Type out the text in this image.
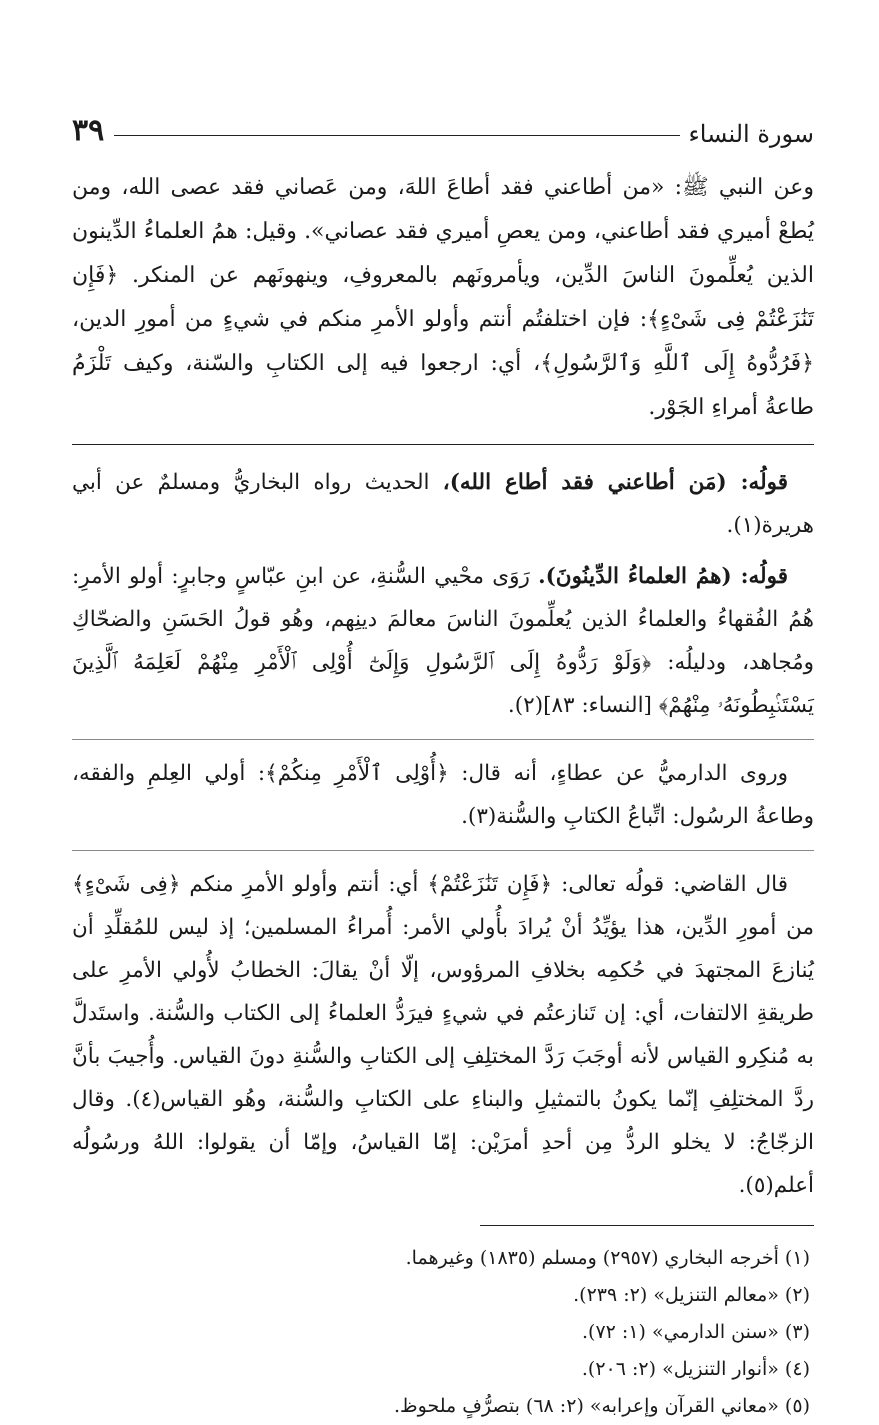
سورة النساء
٣٩

وعن النبي ﷺ: «من أطاعني فقد أطاعَ اللهَ، ومن عَصاني فقد عصى الله، ومن يُطعْ أميري فقد أطاعني، ومن يعصِ أميري فقد عصاني». وقيل: همُ العلماءُ الدِّينون الذين يُعلِّمونَ الناسَ الدِّين، ويأمرونَهم بالمعروفِ، وينهونَهم عن المنكر. ﴿فَإِن تَنَٰزَعْتُمْ فِى شَىْءٍ﴾: فإن اختلفتُم أنتم وأولو الأمرِ منكم في شيءٍ من أمورِ الدين، ﴿فَرُدُّوهُ إِلَى ٱللَّهِ وَٱلرَّسُولِ﴾، أي: ارجعوا فيه إلى الكتابِ والسّنة، وكيف تَلْزَمُ طاعةُ أمراءِ الجَوْر.

قولُه: (مَن أطاعني فقد أطاع الله)، الحديث رواه البخاريُّ ومسلمٌ عن أبي هريرة(١).

قولُه: (همُ العلماءُ الدِّينُونَ). رَوَى محْيي السُّنةِ، عن ابنِ عبّاسٍ وجابرٍ: أولو الأمرِ: هُمُ الفُقهاءُ والعلماءُ الذين يُعلِّمونَ الناسَ معالمَ دينِهم، وهُو قولُ الحَسَنِ والضحّاكِ ومُجاهد، ودليلُه: ﴿وَلَوْ رَدُّوهُ إِلَى ٱلرَّسُولِ وَإِلَىٰٓ أُوْلِى ٱلْأَمْرِ مِنْهُمْ لَعَلِمَهُ ٱلَّذِينَ يَسْتَنۢبِطُونَهُۥ مِنْهُمْ﴾ [النساء: ٨٣](٢).

وروى الدارميُّ عن عطاءٍ، أنه قال: ﴿أُوْلِى ٱلْأَمْرِ مِنكُمْ﴾: أولي العِلمِ والفقه، وطاعةُ الرسُول: اتِّباعُ الكتابِ والسُّنة(٣).

قال القاضي: قولُه تعالى: ﴿فَإِن تَنَٰزَعْتُمْ﴾ أي: أنتم وأولو الأمرِ منكم ﴿فِى شَىْءٍ﴾ من أمورِ الدِّين، هذا يؤيِّدُ أنْ يُرادَ بأُولي الأمر: أُمراءُ المسلمين؛ إذ ليس للمُقلِّدِ أن يُنازعَ المجتهدَ في حُكمِه بخلافِ المرؤوس، إلّا أنْ يقالَ: الخطابُ لأُولي الأمرِ على طريقةِ الالتفات، أي: إن تَنازعتُم في شيءٍ فيرَدُّ العلماءُ إلى الكتاب والسُّنة. واستَدلَّ به مُنكِرو القياس لأنه أوجَبَ رَدَّ المختلِفِ إلى الكتابِ والسُّنةِ دونَ القياس. وأُجيبَ بأنَّ ردَّ المختلِفِ إنّما يكونُ بالتمثيلِ والبناءِ على الكتابِ والسُّنة، وهُو القياس(٤). وقال الزجّاجُ: لا يخلو الردُّ مِن أحدِ أمرَيْن: إمّا القياسُ، وإمّا أن يقولوا: اللهُ ورسُولُه أعلم(٥).

(١) أخرجه البخاري (٢٩٥٧) ومسلم (١٨٣٥) وغيرهما.
(٢) «معالم التنزيل» (٢: ٢٣٩).
(٣) «سنن الدارمي» (١: ٧٢).
(٤) «أنوار التنزيل» (٢: ٢٠٦).
(٥) «معاني القرآن وإعرابه» (٢: ٦٨) بتصرُّفٍ ملحوظ.
